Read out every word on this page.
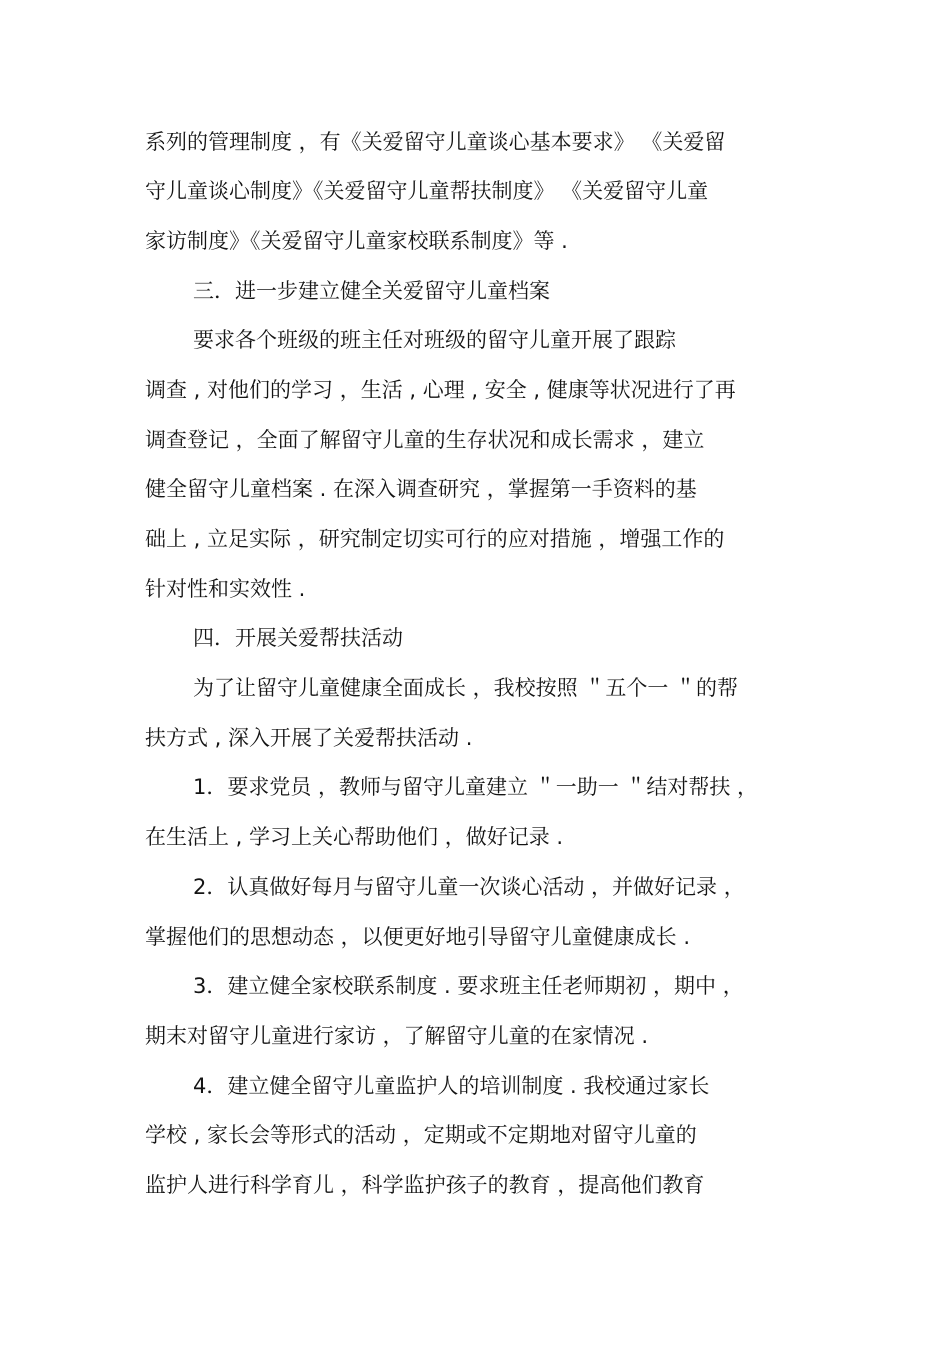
系列的管理制度 ，有《关爱留守儿童谈心基本要求》 《关爱留
守儿童谈心制度》《关爱留守儿童帮扶制度》 《关爱留守儿童
家访制度》《关爱留守儿童家校联系制度》等 .
三．进一步建立健全关爱留守儿童档案
要求各个班级的班主任对班级的留守儿童开展了跟踪
调查 , 对他们的学习 ，生活 , 心理 , 安全 , 健康等状况进行了再
调查登记 ，全面了解留守儿童的生存状况和成长需求 ，建立
健全留守儿童档案 . 在深入调查研究 ，掌握第一手资料的基
础上 , 立足实际 ，研究制定切实可行的应对措施 ，增强工作的
针对性和实效性 .
四．开展关爱帮扶活动
为了让留守儿童健康全面成长 ，我校按照 ＂五个一 ＂的帮
扶方式 , 深入开展了关爱帮扶活动 .
1．要求党员 ，教师与留守儿童建立 ＂一助一 ＂结对帮扶 ，
在生活上 , 学习上关心帮助他们 ，做好记录 .
2．认真做好每月与留守儿童一次谈心活动 ，并做好记录 ，
掌握他们的思想动态 ，以便更好地引导留守儿童健康成长 .
3．建立健全家校联系制度 . 要求班主任老师期初 ，期中 ，
期末对留守儿童进行家访 ，了解留守儿童的在家情况 .
4．建立健全留守儿童监护人的培训制度 . 我校通过家长
学校 , 家长会等形式的活动 ，定期或不定期地对留守儿童的
监护人进行科学育儿 ，科学监护孩子的教育 ，提高他们教育
